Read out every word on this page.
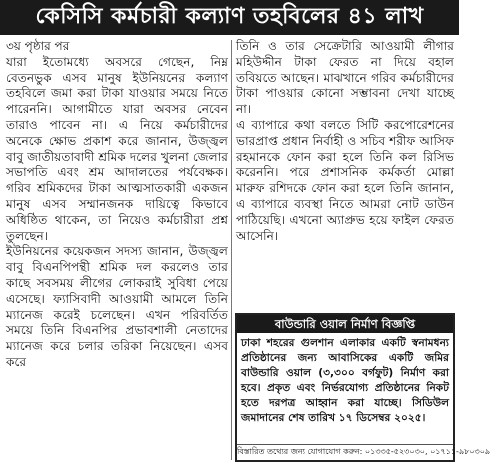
কেসিসি কর্মচারী কল্যাণ তহবিলের ৪১ লাখ

৩য় পৃষ্ঠার পর

যারা ইতোমধ্যে অবসরে গেছেন, নিম্ন বেতনভুক এসব মানুষ ইউনিয়নের কল্যাণ তহবিলে জমা করা টাকা যাওয়ার সময়ে নিতে পারেননি। আগামীতে যারা অবসর নেবেন তারাও পাবেন না। এ নিয়ে কর্মচারীদের অনেকে ক্ষোভ প্রকাশ করে জানান, উজ্জ্বল বাবু জাতীয়তাবাদী শ্রমিক দলের খুলনা জেলার সভাপতি এবং শ্রম আদালতের পর্যবেক্ষক। গরিব শ্রমিকদের টাকা আত্মসাতকারী একজন মানুষ এসব সম্মানজনক দায়িত্বে কিভাবে অধিষ্ঠিত থাকেন, তা নিয়েও কর্মচারীরা প্রশ্ন তুলছেন।

ইউনিয়নের কয়েকজন সদস্য জানান, উজ্জ্বল বাবু বিএনপিপন্থী শ্রমিক দল করলেও তার কাছে সবসময় লীগের লোকরাই সুবিধা পেয়ে এসেছে। ফ্যাসিবাদী আওয়ামী আমলে তিনি ম্যানেজ করেই চলেছেন। এখন পরিবর্তিত সময়ে তিনি বিএনপির প্রভাবশালী নেতাদের ম্যানেজ করে চলার তরিকা নিয়েছেন। এসব করে

তিনি ও তার সেক্রেটারি আওয়ামী লীগার মহিউদ্দীন টাকা ফেরত না দিয়ে বহাল তবিয়তে আছেন। মাঝখানে গরিব কর্মচারীদের টাকা পাওয়ার কোনো সম্ভাবনা দেখা যাচ্ছে না।

এ ব্যাপারে কথা বলতে সিটি করপোরেশনের ভারপ্রাপ্ত প্রধান নির্বাহী ও সচিব শরীফ আসিফ রহমানকে ফোন করা হলে তিনি কল রিসিভ করেননি। পরে প্রশাসনিক কর্মকর্তা মোল্লা মারুফ রশিদকে ফোন করা হলে তিনি জানান, এ ব্যাপারে ব্যবস্থা নিতে আমরা নোট ডাউন পাঠিয়েছি। এখনো অ্যাপ্রুভ হয়ে ফাইল ফেরত আসেনি।

বাউন্ডারি ওয়াল নির্মাণ বিজ্ঞপ্তি
ঢাকা শহরের গুলশান এলাকার একটি স্বনামধন্য প্রতিষ্ঠানের জন্য আবাসিকের একটি জমির বাউন্ডারি ওয়াল (৩,৩০০ বর্গফুট) নির্মাণ করা হবে। প্রকৃত এবং নির্ভরযোগ্য প্রতিষ্ঠানের নিকট হতে দরপত্র আহ্বান করা যাচ্ছে। সিডিউল জমাদানের শেষ তারিখ ১৭ ডিসেম্বর ২০২৫।
বিস্তারিত তথ্যের জন্য যোগাযোগ করুন: ০১৩৩৫-৫২৩০৩০, ০১৭১১-৯৮০৩০৯
